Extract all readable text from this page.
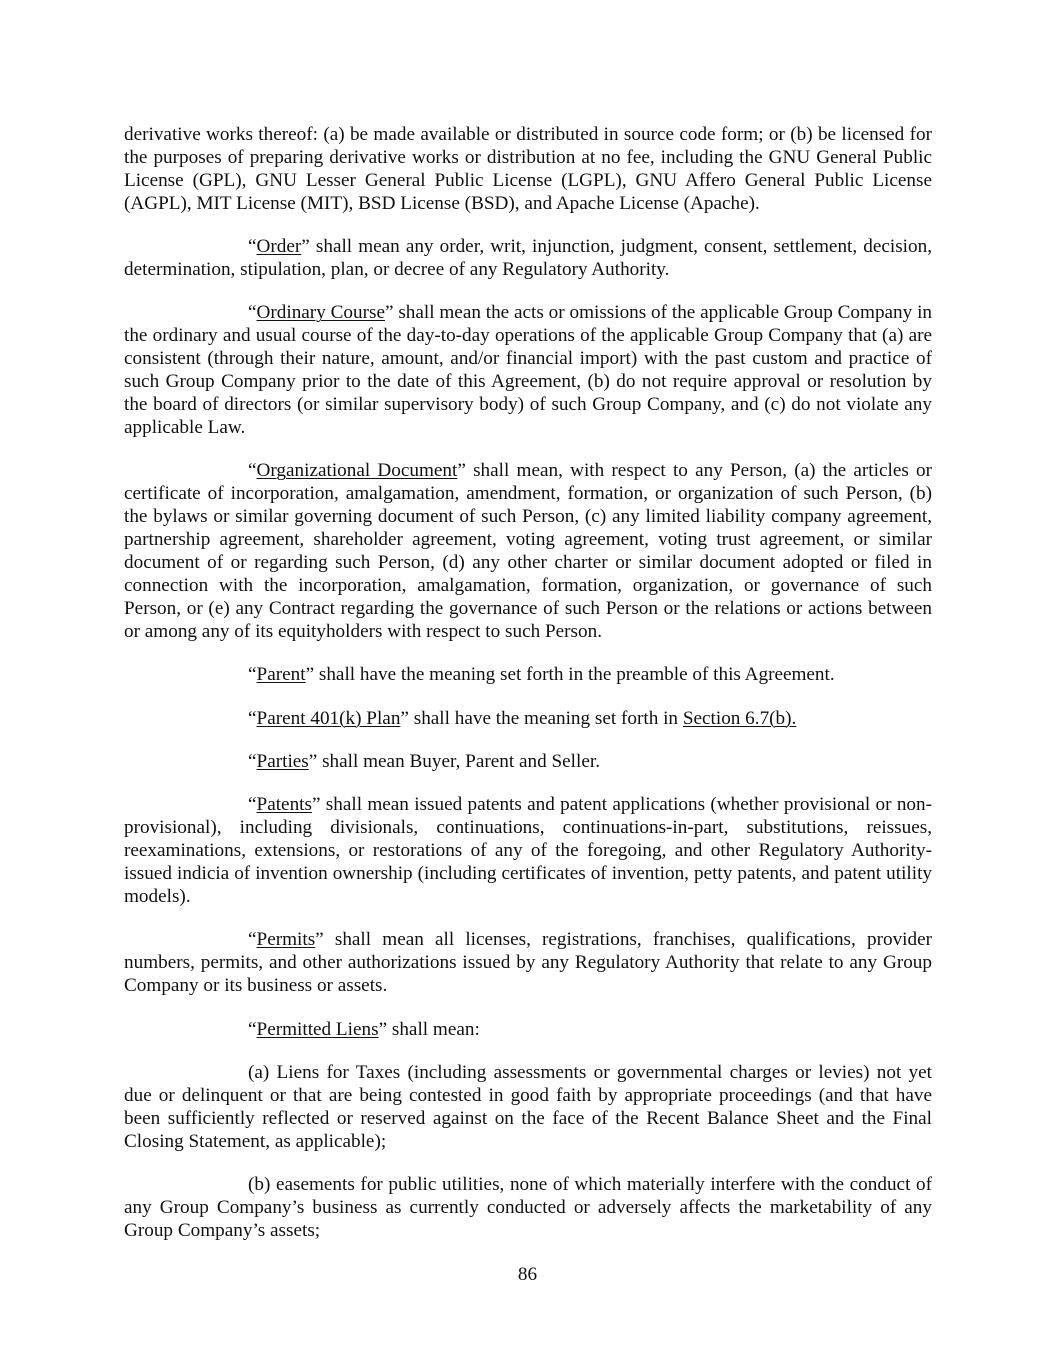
derivative works thereof: (a) be made available or distributed in source code form; or (b) be licensed for the purposes of preparing derivative works or distribution at no fee, including the GNU General Public License (GPL), GNU Lesser General Public License (LGPL), GNU Affero General Public License (AGPL), MIT License (MIT), BSD License (BSD), and Apache License (Apache).

“Order” shall mean any order, writ, injunction, judgment, consent, settlement, decision, determination, stipulation, plan, or decree of any Regulatory Authority.

“Ordinary Course” shall mean the acts or omissions of the applicable Group Company in the ordinary and usual course of the day-to-day operations of the applicable Group Company that (a) are consistent (through their nature, amount, and/or financial import) with the past custom and practice of such Group Company prior to the date of this Agreement, (b) do not require approval or resolution by the board of directors (or similar supervisory body) of such Group Company, and (c) do not violate any applicable Law.

“Organizational Document” shall mean, with respect to any Person, (a) the articles or certificate of incorporation, amalgamation, amendment, formation, or organization of such Person, (b) the bylaws or similar governing document of such Person, (c) any limited liability company agreement, partnership agreement, shareholder agreement, voting agreement, voting trust agreement, or similar document of or regarding such Person, (d) any other charter or similar document adopted or filed in connection with the incorporation, amalgamation, formation, organization, or governance of such Person, or (e) any Contract regarding the governance of such Person or the relations or actions between or among any of its equityholders with respect to such Person.

“Parent” shall have the meaning set forth in the preamble of this Agreement.

“Parent 401(k) Plan” shall have the meaning set forth in Section 6.7(b).

“Parties” shall mean Buyer, Parent and Seller.

“Patents” shall mean issued patents and patent applications (whether provisional or non-provisional), including divisionals, continuations, continuations-in-part, substitutions, reissues, reexaminations, extensions, or restorations of any of the foregoing, and other Regulatory Authority-issued indicia of invention ownership (including certificates of invention, petty patents, and patent utility models).

“Permits” shall mean all licenses, registrations, franchises, qualifications, provider numbers, permits, and other authorizations issued by any Regulatory Authority that relate to any Group Company or its business or assets.

“Permitted Liens” shall mean:

(a) Liens for Taxes (including assessments or governmental charges or levies) not yet due or delinquent or that are being contested in good faith by appropriate proceedings (and that have been sufficiently reflected or reserved against on the face of the Recent Balance Sheet and the Final Closing Statement, as applicable);

(b) easements for public utilities, none of which materially interfere with the conduct of any Group Company’s business as currently conducted or adversely affects the marketability of any Group Company’s assets;

86
